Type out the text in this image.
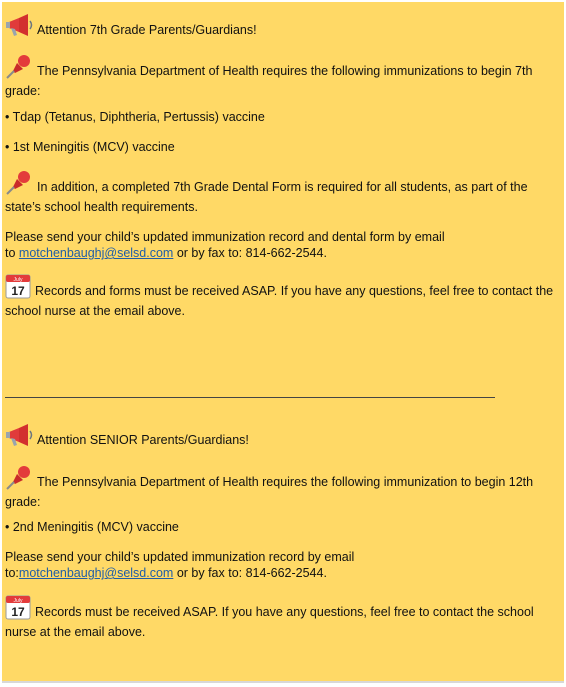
Attention 7th Grade Parents/Guardians!
The Pennsylvania Department of Health requires the following immunizations to begin 7th grade:
• Tdap (Tetanus, Diphtheria, Pertussis) vaccine
• 1st Meningitis (MCV) vaccine
In addition, a completed 7th Grade Dental Form is required for all students, as part of the state’s school health requirements.
Please send your child’s updated immunization record and dental form by email
to motchenbaughj@selsd.com or by fax to: 814-662-2544.
July
17 Records and forms must be received ASAP. If you have any questions, feel free to contact the school nurse at the email above.
Attention SENIOR Parents/Guardians!
The Pennsylvania Department of Health requires the following immunization to begin 12th grade:
• 2nd Meningitis (MCV) vaccine
Please send your child’s updated immunization record by email
to:motchenbaughj@selsd.com or by fax to: 814-662-2544.
July
17 Records must be received ASAP. If you have any questions, feel free to contact the school nurse at the email above.
